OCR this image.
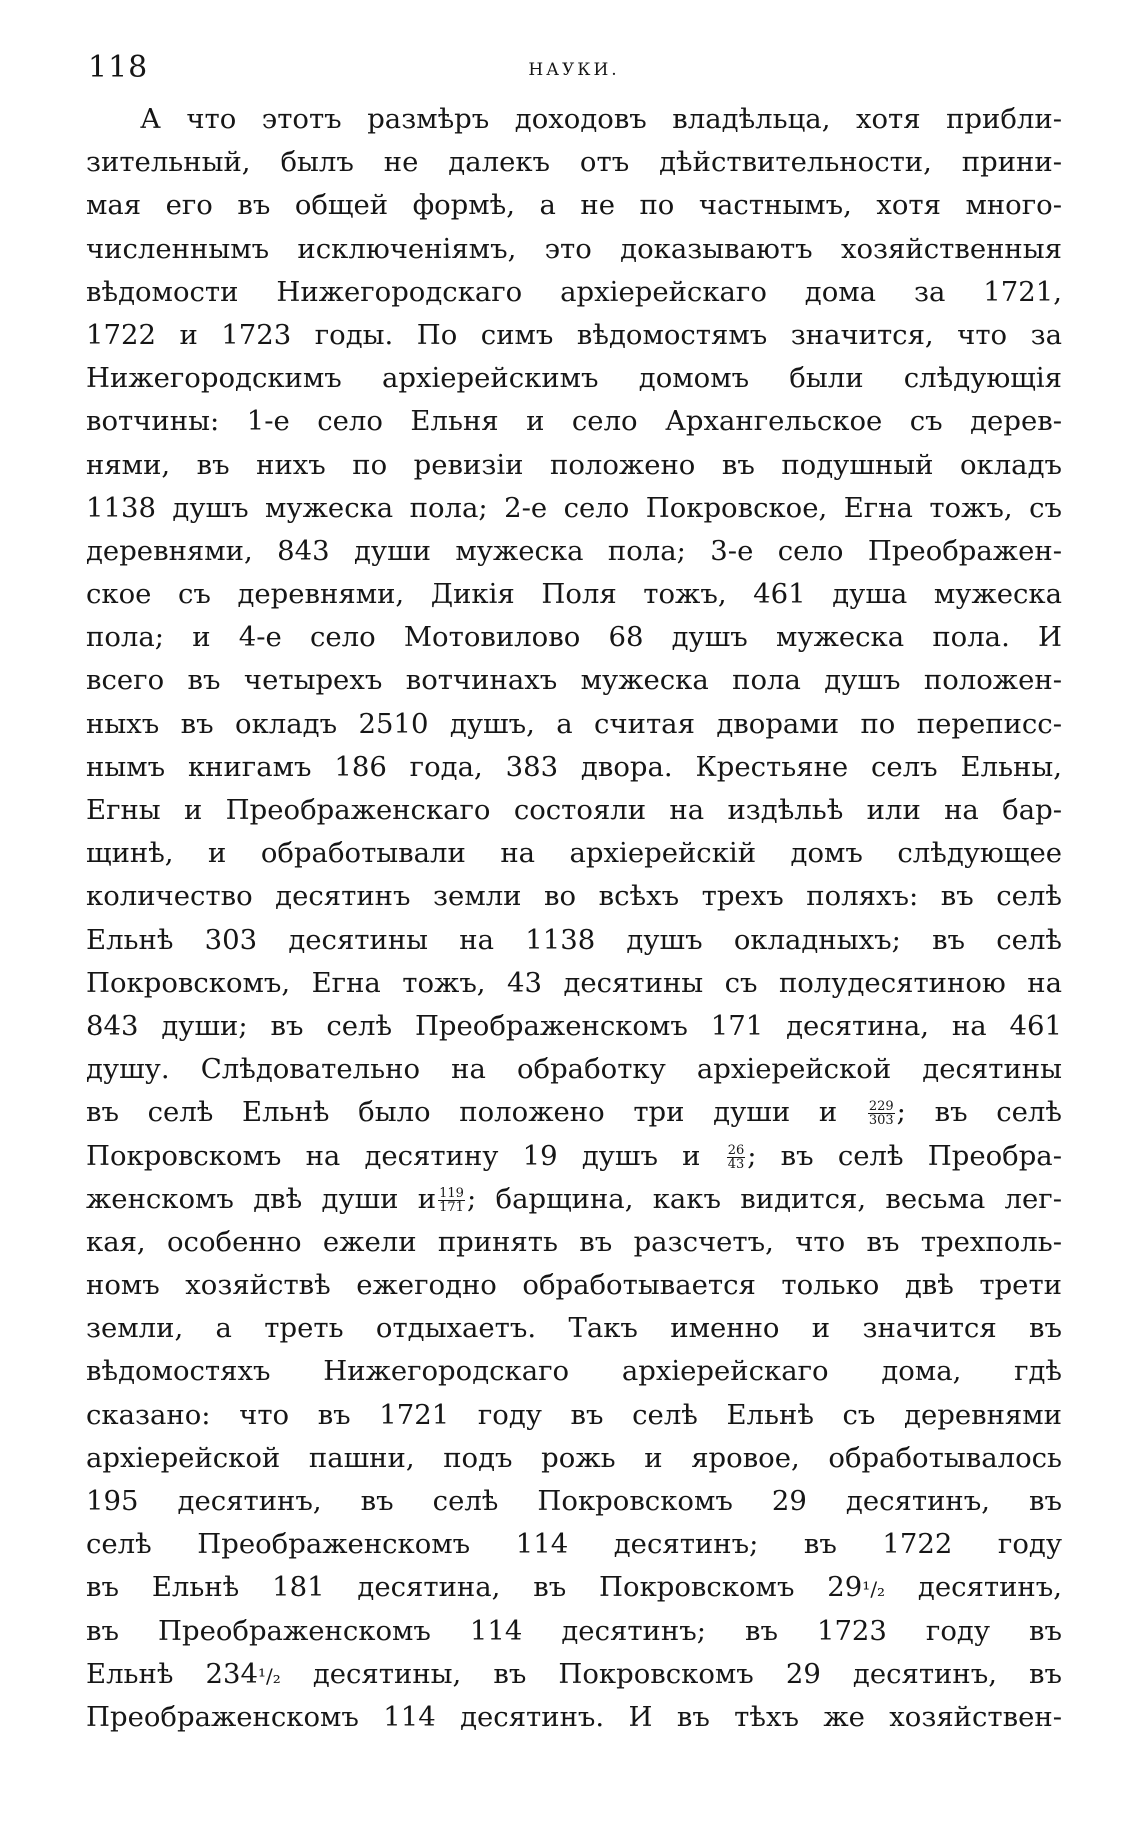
118	НАУКИ.
А что этотъ размѣръ доходовъ владѣльца, хотя прибли-
зительный, былъ не далекъ отъ дѣйствительности, прини-
мая его въ общей формѣ, а не по частнымъ, хотя много-
численнымъ исключеніямъ, это доказываютъ хозяйственныя
вѣдомости Нижегородскаго архіерейскаго дома за 1721,
1722 и 1723 годы. По симъ вѣдомостямъ значится, что за
Нижегородскимъ архіерейскимъ домомъ были слѣдующія
вотчины: 1-е село Ельня и село Архангельское съ дерев-
нями, въ нихъ по ревизіи положено въ подушный окладъ
1138 душъ мужеска пола; 2-е село Покровское, Егна тожъ, съ
деревнями, 843 души мужеска пола; 3-е село Преображен-
ское съ деревнями, Дикія Поля тожъ, 461 душа мужеска
пола; и 4-е село Мотовилово 68 душъ мужеска пола. И
всего въ четырехъ вотчинахъ мужеска пола душъ положен-
ныхъ въ окладъ 2510 душъ, а считая дворами по переписс-
нымъ книгамъ 186 года, 383 двора. Крестьяне селъ Ельны,
Егны и Преображенскаго состояли на издѣльѣ или на бар-
щинѣ, и обработывали на архіерейскій домъ слѣдующее
количество десятинъ земли во всѣхъ трехъ поляхъ: въ селѣ
Ельнѣ 303 десятины на 1138 душъ окладныхъ; въ селѣ
Покровскомъ, Егна тожъ, 43 десятины съ полудесятиною на
843 души; въ селѣ Преображенскомъ 171 десятина, на 461
душу. Слѣдовательно на обработку архіерейской десятины
въ селѣ Ельнѣ было положено три души и $\frac{229}{303}$ ; въ селѣ
Покровскомъ на десятину 19 душъ и $\frac{26}{43}$ ; въ селѣ Преобра-
женскомъ двѣ души и $\frac{119}{171}$ ; барщина, какъ видится, весьма лег-
кая, особенно ежели принять въ разсчетъ, что въ трехполь-
номъ хозяйствѣ ежегодно обработывается только двѣ трети
земли, а треть отдыхаетъ. Такъ именно и значится въ
вѣдомостяхъ Нижегородскаго архіерейскаго дома, гдѣ
сказано: что въ 1721 году въ селѣ Ельнѣ съ деревнями
архіерейской пашни, подъ рожь и яровое, обработывалось
195 десятинъ, въ селѣ Покровскомъ 29 десятинъ, въ
селѣ Преображенскомъ 114 десятинъ; въ 1722 году
въ Ельнѣ 181 десятина, въ Покровскомъ 29¹/₂ десятинъ,
въ Преображенскомъ 114 десятинъ; въ 1723 году въ
Ельнѣ 234¹/₂ десятины, въ Покровскомъ 29 десятинъ, въ
Преображенскомъ 114 десятинъ. И въ тѣхъ же хозяйствен-
